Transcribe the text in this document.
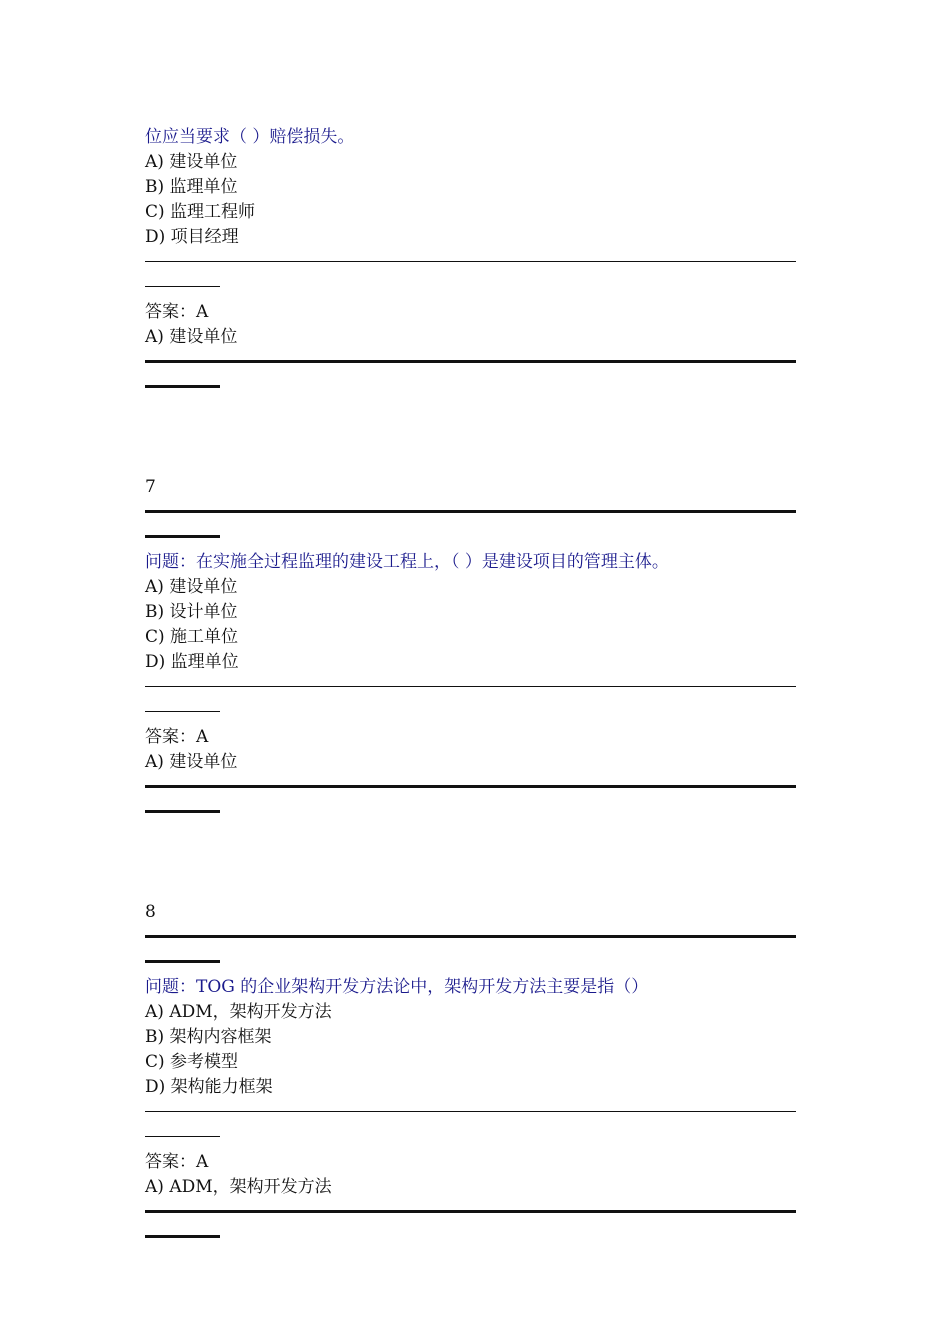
位应当要求（ ）赔偿损失。
A) 建设单位
B) 监理单位
C) 监理工程师
D) 项目经理
答案：A
A) 建设单位
7
问题：在实施全过程监理的建设工程上，（ ）是建设项目的管理主体。
A) 建设单位
B) 设计单位
C) 施工单位
D) 监理单位
答案：A
A) 建设单位
8
问题：TOG 的企业架构开发方法论中，架构开发方法主要是指（）
A) ADM，架构开发方法
B) 架构内容框架
C) 参考模型
D) 架构能力框架
答案：A
A) ADM，架构开发方法
